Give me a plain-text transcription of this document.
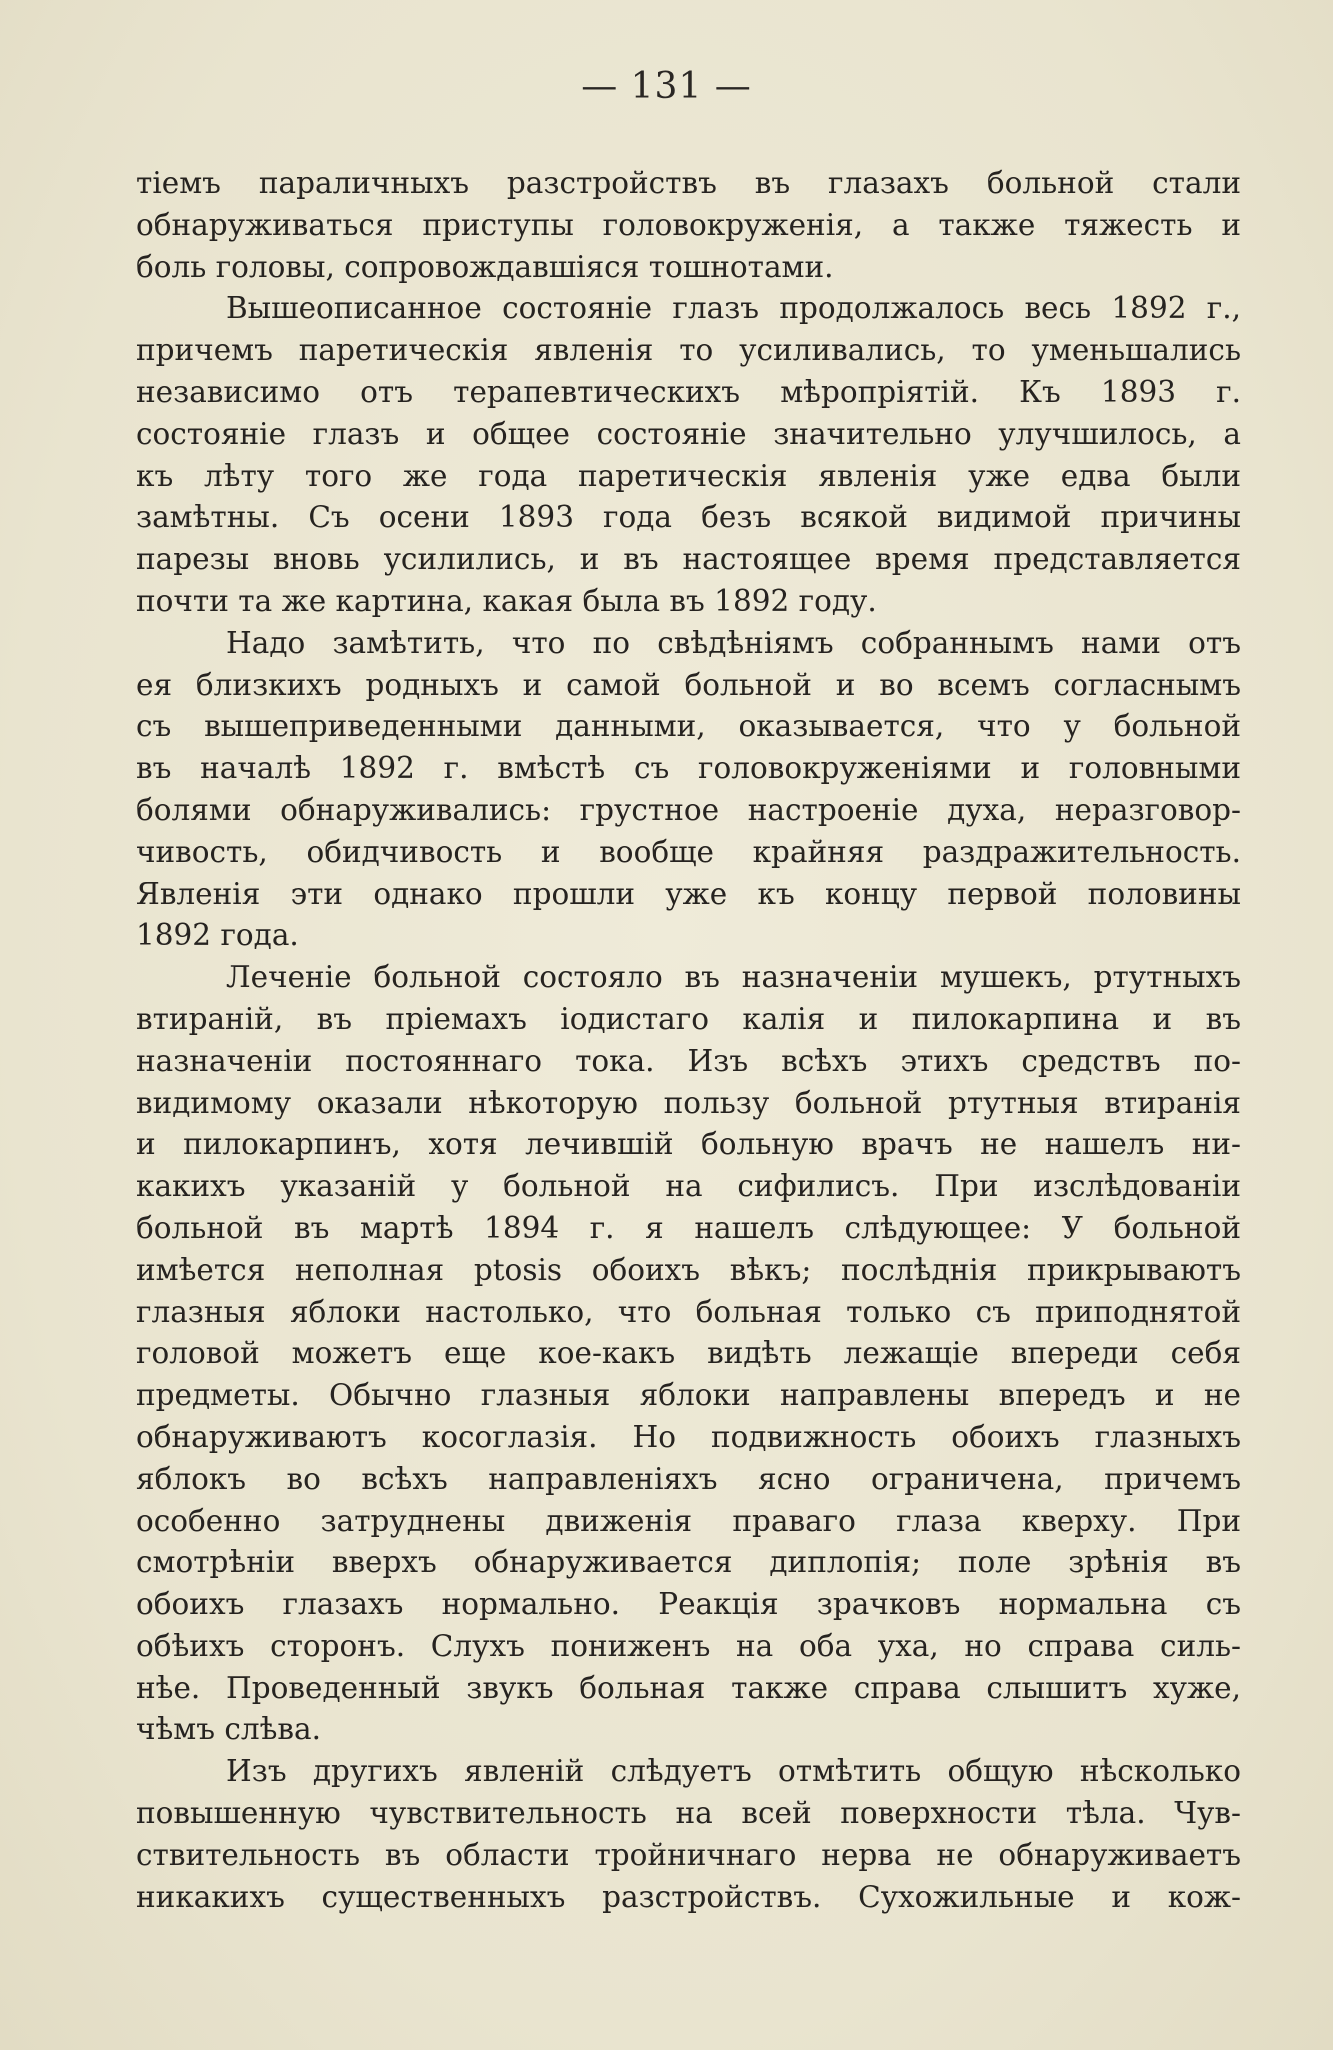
— 131 —
тіемъ параличныхъ разстройствъ въ глазахъ больной стали
обнаруживаться приступы головокруженія, а также тяжесть и
боль головы, сопровождавшіяся тошнотами.
Вышеописанное состояніе глазъ продолжалось весь 1892 г.,
причемъ паретическія явленія то усиливались, то уменьшались
независимо отъ терапевтическихъ мѣропріятій. Къ 1893 г.
состояніе глазъ и общее состояніе значительно улучшилось, а
къ лѣту того же года паретическія явленія уже едва были
замѣтны. Съ осени 1893 года безъ всякой видимой причины
парезы вновь усилились, и въ настоящее время представляется
почти та же картина, какая была въ 1892 году.
Надо замѣтить, что по свѣдѣніямъ собраннымъ нами отъ
ея близкихъ родныхъ и самой больной и во всемъ согласнымъ
съ вышеприведенными данными, оказывается, что у больной
въ началѣ 1892 г. вмѣстѣ съ головокруженіями и головными
болями обнаруживались: грустное настроеніе духа, неразговор-
чивость, обидчивость и вообще крайняя раздражительность.
Явленія эти однако прошли уже къ концу первой половины
1892 года.
Леченіе больной состояло въ назначеніи мушекъ, ртутныхъ
втираній, въ пріемахъ іодистаго калія и пилокарпина и въ
назначеніи постояннаго тока. Изъ всѣхъ этихъ средствъ по-
видимому оказали нѣкоторую пользу больной ртутныя втиранія
и пилокарпинъ, хотя лечившій больную врачъ не нашелъ ни-
какихъ указаній у больной на сифилисъ. При изслѣдованіи
больной въ мартѣ 1894 г. я нашелъ слѣдующее: У больной
имѣется неполная ptosis обоихъ вѣкъ; послѣднія прикрываютъ
глазныя яблоки настолько, что больная только съ приподнятой
головой можетъ еще кое-какъ видѣть лежащіе впереди себя
предметы. Обычно глазныя яблоки направлены впередъ и не
обнаруживаютъ косоглазія. Но подвижность обоихъ глазныхъ
яблокъ во всѣхъ направленіяхъ ясно ограничена, причемъ
особенно затруднены движенія праваго глаза кверху. При
смотрѣніи вверхъ обнаруживается диплопія; поле зрѣнія въ
обоихъ глазахъ нормально. Реакція зрачковъ нормальна съ
обѣихъ сторонъ. Слухъ пониженъ на оба уха, но справа силь-
нѣе. Проведенный звукъ больная также справа слышитъ хуже,
чѣмъ слѣва.
Изъ другихъ явленій слѣдуетъ отмѣтить общую нѣсколько
повышенную чувствительность на всей поверхности тѣла. Чув-
ствительность въ области тройничнаго нерва не обнаруживаетъ
никакихъ существенныхъ разстройствъ. Сухожильные и кож-
